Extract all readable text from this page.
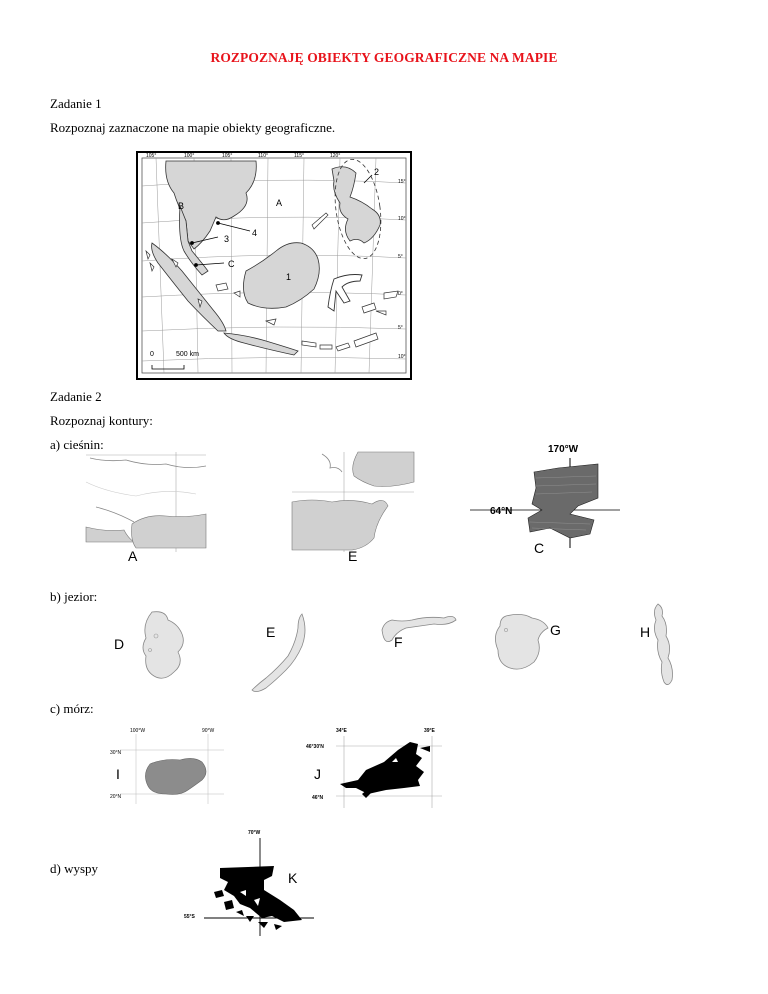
ROZPOZNAJĘ OBIEKTY GEOGRAFICZNE NA MAPIE
Zadanie 1
Rozpoznaj zaznaczone na mapie obiekty geograficzne.
105°	100°	105°	110°	115°	120°
15°
10°
5°
0°
5°
10°
B	A
C
1
2
3
4
0	500 km
Zadanie 2
Rozpoznaj kontury:
a) cieśnin:
A	E
170°W
64°N
C
b) jezior:
D
E
F
G	H
c) mórz:
100°W	90°W
30°N
20°N
I
34°E	39°E
46°30'N
46°N
J
d) wyspy
70°W
55°S
K
